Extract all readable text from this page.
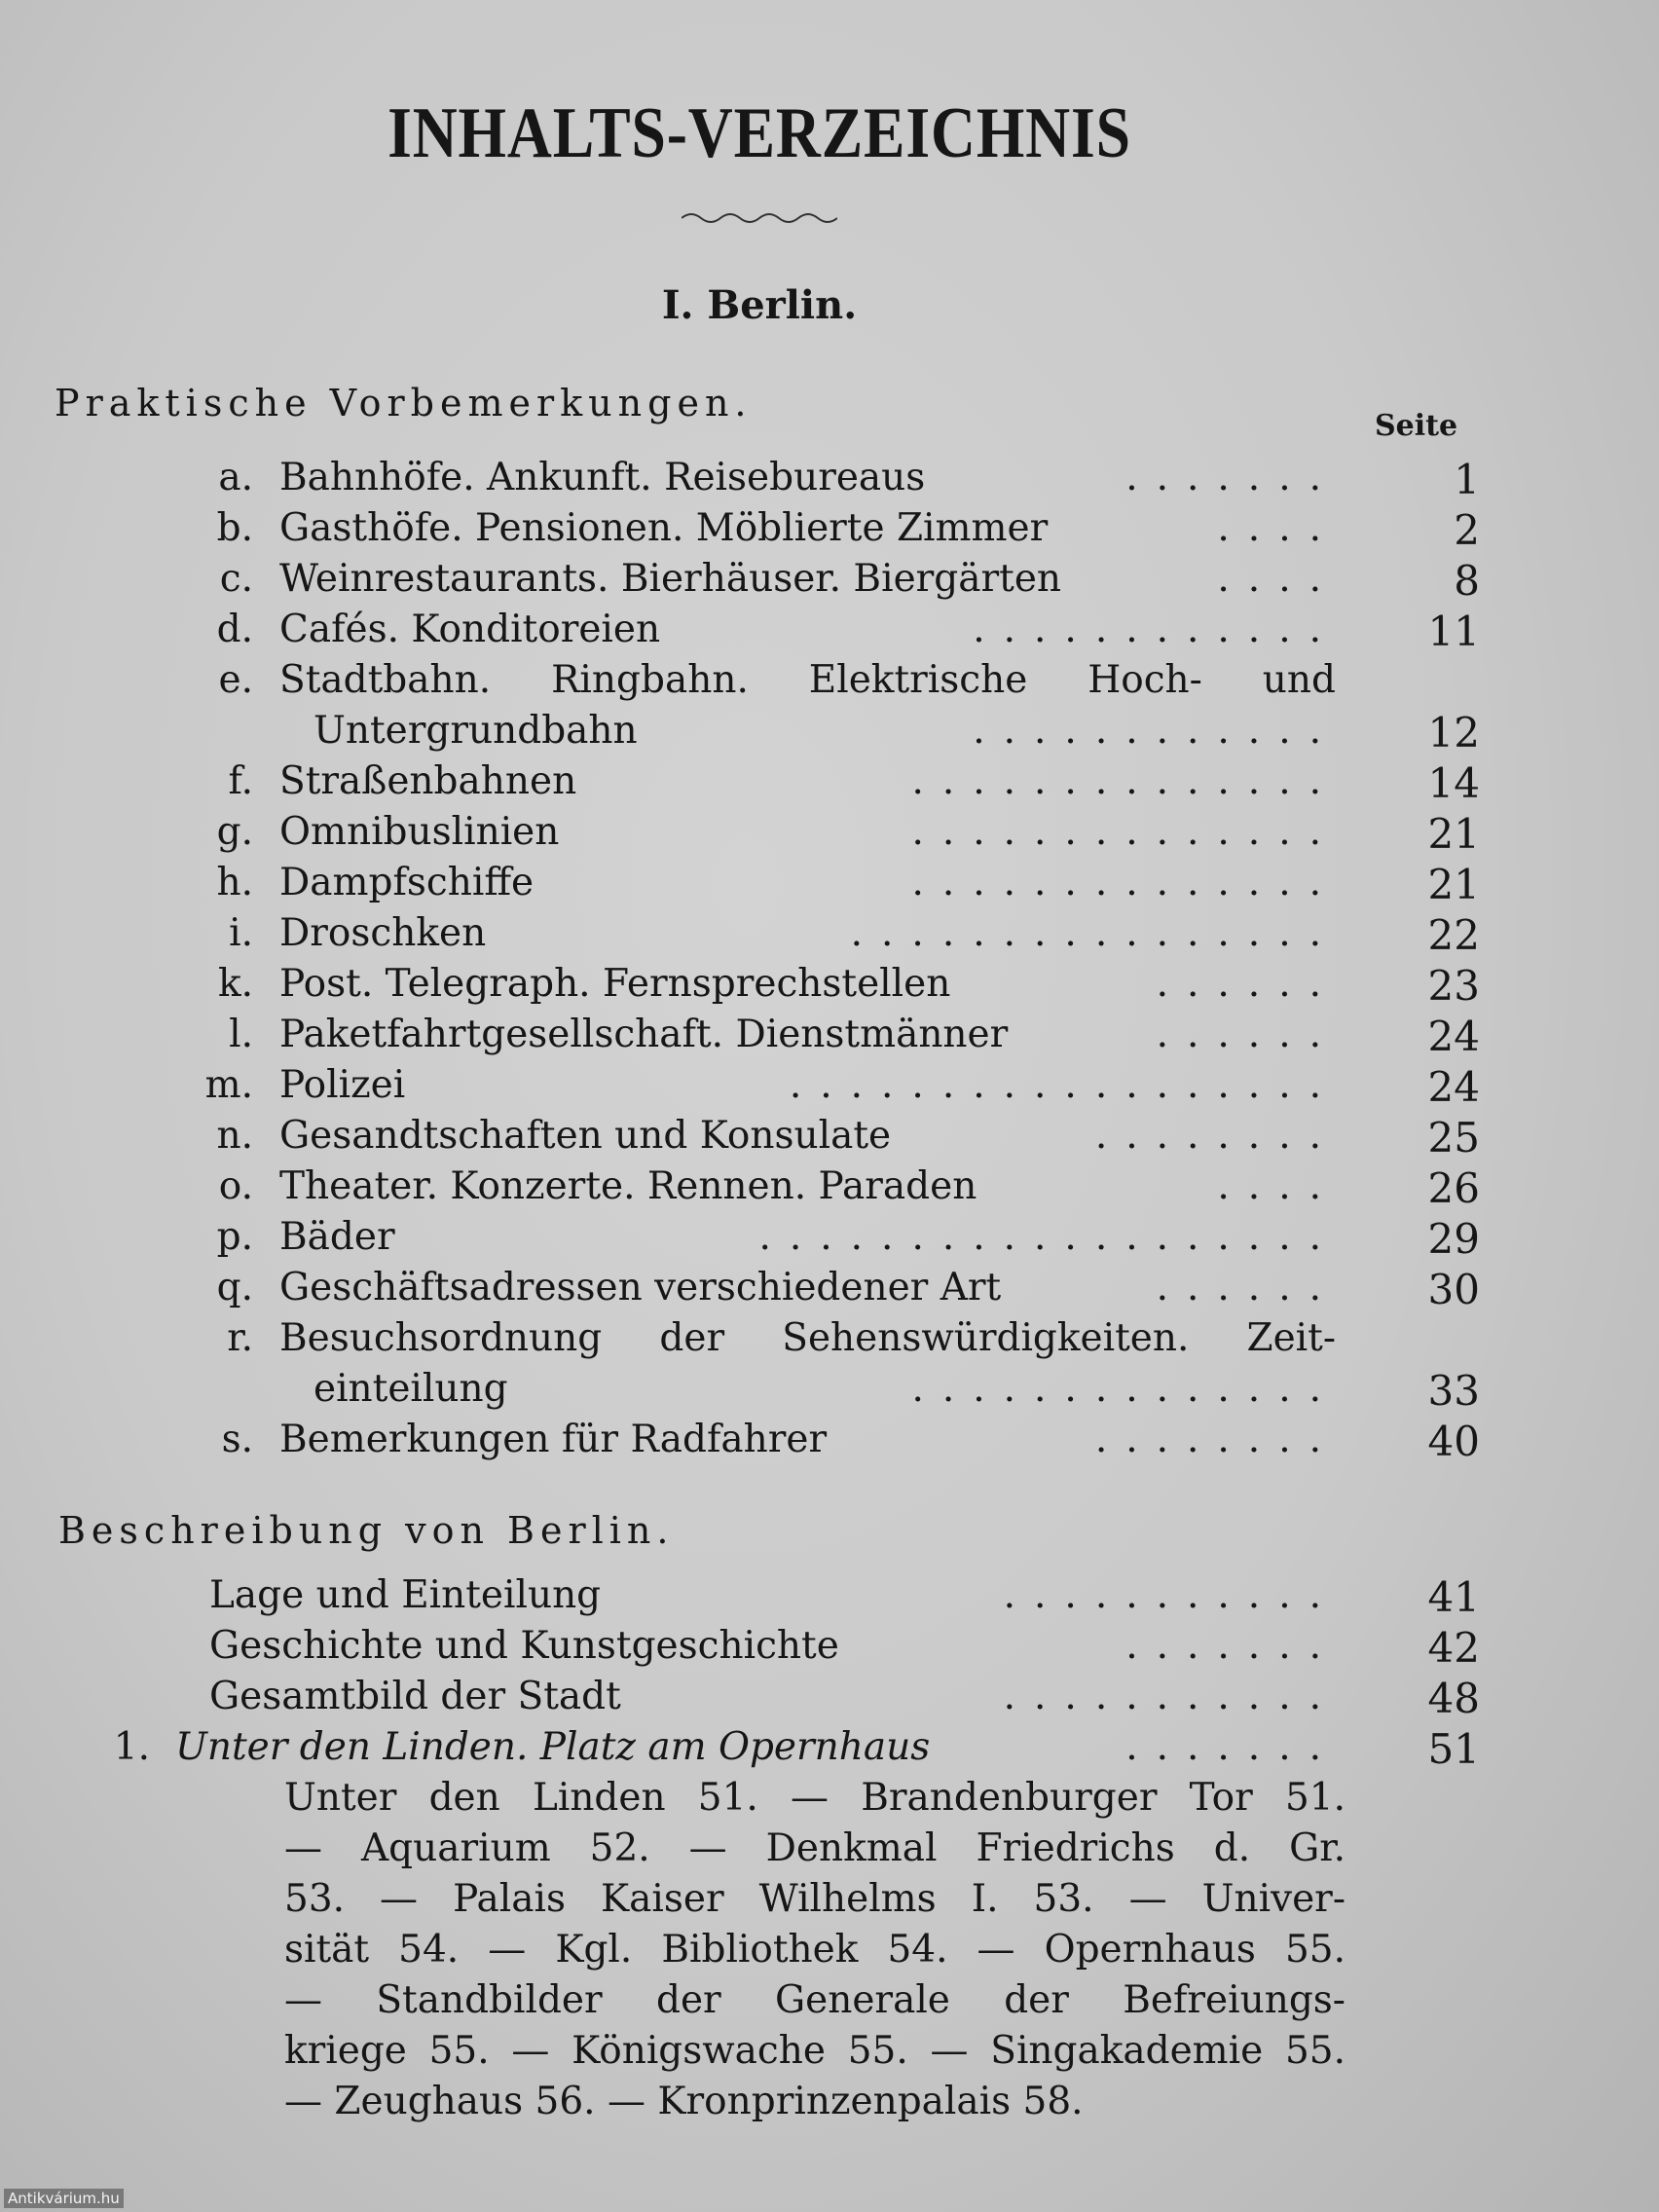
INHALTS-VERZEICHNIS
I. Berlin.
Praktische Vorbemerkungen.
Seite
a. Bahnhöfe. Ankunft. Reisebureaus	.......	1
b. Gasthöfe. Pensionen. Möblierte Zimmer	....	2
c. Weinrestaurants. Bierhäuser. Biergärten	....	8
d. Cafés. Konditoreien	............	11
e. Stadtbahn. Ringbahn. Elektrische Hoch- und
Untergrundbahn	............	12
f. Straßenbahnen	..............	14
g. Omnibuslinien	..............	21
h. Dampfschiffe	..............	21
i. Droschken	................	22
k. Post. Telegraph. Fernsprechstellen	......	23
l. Paketfahrtgesellschaft. Dienstmänner	......	24
m. Polizei	..................	24
n. Gesandtschaften und Konsulate	........	25
o. Theater. Konzerte. Rennen. Paraden	....	26
p. Bäder	...................	29
q. Geschäftsadressen verschiedener Art	......	30
r. Besuchsordnung der Sehenswürdigkeiten. Zeit-
einteilung	..............	33
s. Bemerkungen für Radfahrer	........	40
Beschreibung von Berlin.
Lage und Einteilung	...........	41
Geschichte und Kunstgeschichte	.......	42
Gesamtbild der Stadt	...........	48
1. Unter den Linden. Platz am Opernhaus	.......	51
Unter den Linden 51. — Brandenburger Tor 51.
— Aquarium 52. — Denkmal Friedrichs d. Gr.
53. — Palais Kaiser Wilhelms I. 53. — Univer-
sität 54. — Kgl. Bibliothek 54. — Opernhaus 55.
— Standbilder der Generale der Befreiungs-
kriege 55. — Königswache 55. — Singakademie 55.
— Zeughaus 56. — Kronprinzenpalais 58.
Antikvárium.hu
